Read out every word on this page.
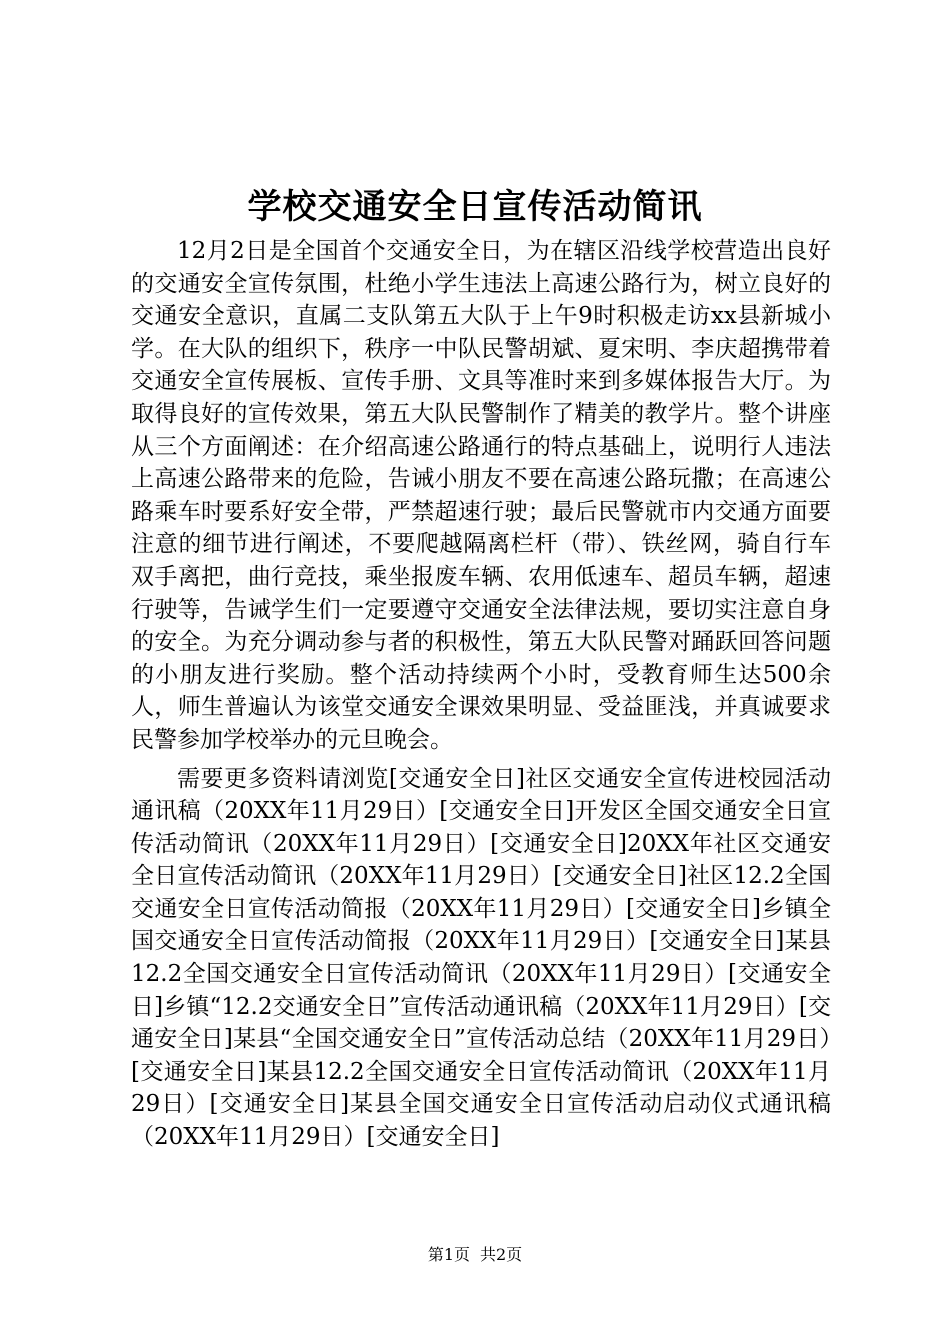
学校交通安全日宣传活动简讯

12月2日是全国首个交通安全日，为在辖区沿线学校营造出良好的交通安全宣传氛围，杜绝小学生违法上高速公路行为，树立良好的交通安全意识，直属二支队第五大队于上午9时积极走访xx县新城小学。在大队的组织下，秩序一中队民警胡斌、夏宋明、李庆超携带着交通安全宣传展板、宣传手册、文具等准时来到多媒体报告大厅。为取得良好的宣传效果，第五大队民警制作了精美的教学片。整个讲座从三个方面阐述：在介绍高速公路通行的特点基础上，说明行人违法上高速公路带来的危险，告诫小朋友不要在高速公路玩撒；在高速公路乘车时要系好安全带，严禁超速行驶；最后民警就市内交通方面要注意的细节进行阐述，不要爬越隔离栏杆（带）、铁丝网，骑自行车双手离把，曲行竞技，乘坐报废车辆、农用低速车、超员车辆，超速行驶等，告诫学生们一定要遵守交通安全法律法规，要切实注意自身的安全。为充分调动参与者的积极性，第五大队民警对踊跃回答问题的小朋友进行奖励。整个活动持续两个小时，受教育师生达500余人，师生普遍认为该堂交通安全课效果明显、受益匪浅，并真诚要求民警参加学校举办的元旦晚会。

需要更多资料请浏览[交通安全日]社区交通安全宣传进校园活动通讯稿（20XX年11月29日）[交通安全日]开发区全国交通安全日宣传活动简讯（20XX年11月29日）[交通安全日]20XX年社区交通安全日宣传活动简讯（20XX年11月29日）[交通安全日]社区12.2全国交通安全日宣传活动简报（20XX年11月29日）[交通安全日]乡镇全国交通安全日宣传活动简报（20XX年11月29日）[交通安全日]某县12.2全国交通安全日宣传活动简讯（20XX年11月29日）[交通安全日]乡镇“12.2交通安全日”宣传活动通讯稿（20XX年11月29日）[交通安全日]某县“全国交通安全日”宣传活动总结（20XX年11月29日）[交通安全日]某县12.2全国交通安全日宣传活动简讯（20XX年11月29日）[交通安全日]某县全国交通安全日宣传活动启动仪式通讯稿（20XX年11月29日）[交通安全日]

第1页 共2页
